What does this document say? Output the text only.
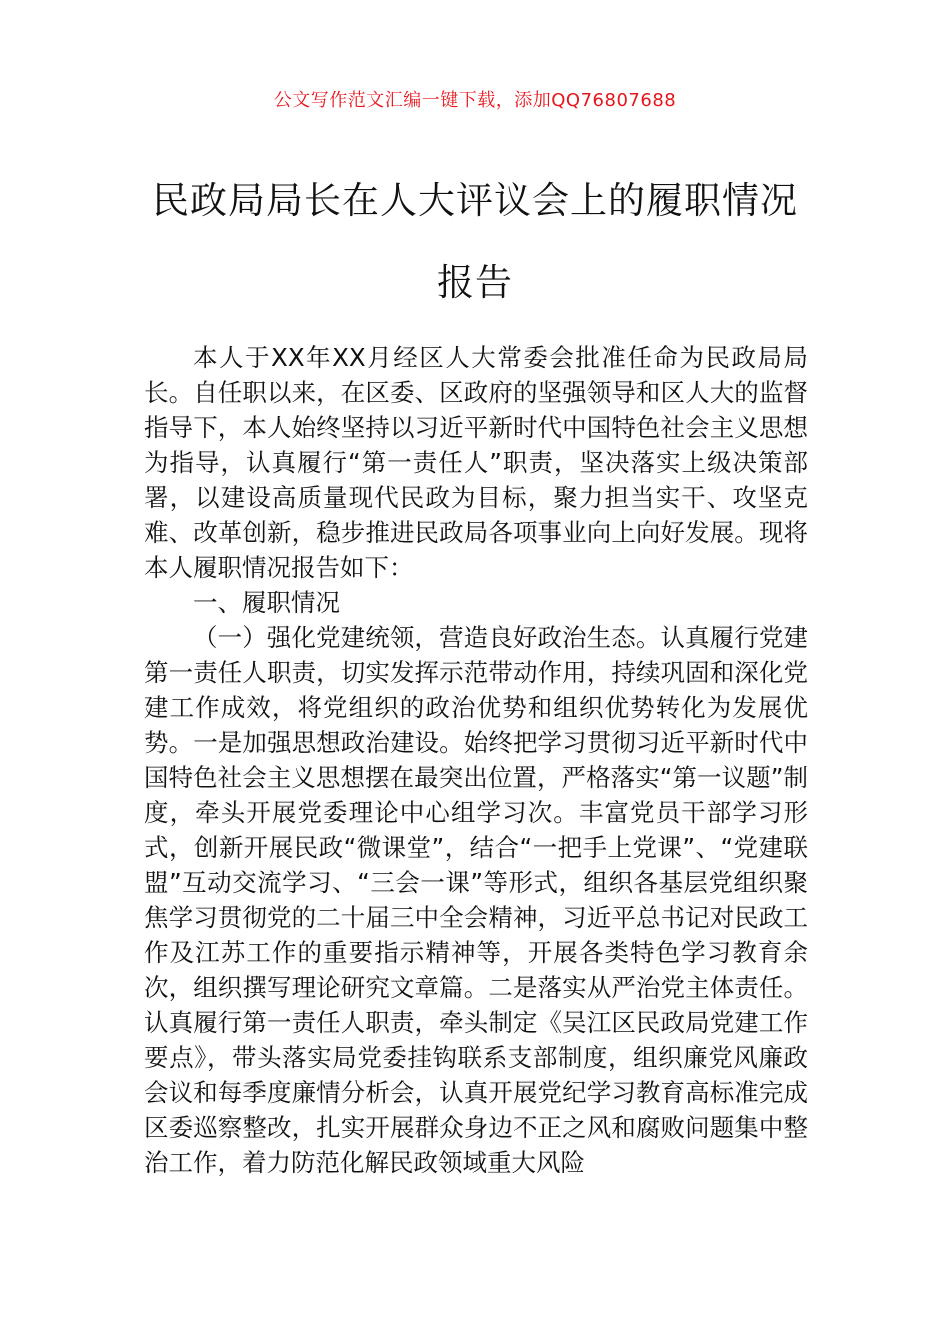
公文写作范文汇编一键下载，添加QQ76807688
民政局局长在人大评议会上的履职情况报告

本人于XX年XX月经区人大常委会批准任命为民政局局长。自任职以来，在区委、区政府的坚强领导和区人大的监督指导下，本人始终坚持以习近平新时代中国特色社会主义思想为指导，认真履行“第一责任人”职责，坚决落实上级决策部署，以建设高质量现代民政为目标，聚力担当实干、攻坚克难、改革创新，稳步推进民政局各项事业向上向好发展。现将本人履职情况报告如下：

一、履职情况

（一）强化党建统领，营造良好政治生态。认真履行党建第一责任人职责，切实发挥示范带动作用，持续巩固和深化党建工作成效，将党组织的政治优势和组织优势转化为发展优势。一是加强思想政治建设。始终把学习贯彻习近平新时代中国特色社会主义思想摆在最突出位置，严格落实“第一议题”制度，牵头开展党委理论中心组学习次。丰富党员干部学习形式，创新开展民政“微课堂”，结合“一把手上党课”、“党建联盟”互动交流学习、“三会一课”等形式，组织各基层党组织聚焦学习贯彻党的二十届三中全会精神，习近平总书记对民政工作及江苏工作的重要指示精神等，开展各类特色学习教育余次，组织撰写理论研究文章篇。二是落实从严治党主体责任。认真履行第一责任人职责，牵头制定《吴江区民政局党建工作要点》，带头落实局党委挂钩联系支部制度，组织廉党风廉政会议和每季度廉情分析会，认真开展党纪学习教育高标准完成区委巡察整改，扎实开展群众身边不正之风和腐败问题集中整治工作，着力防范化解民政领域重大风险
